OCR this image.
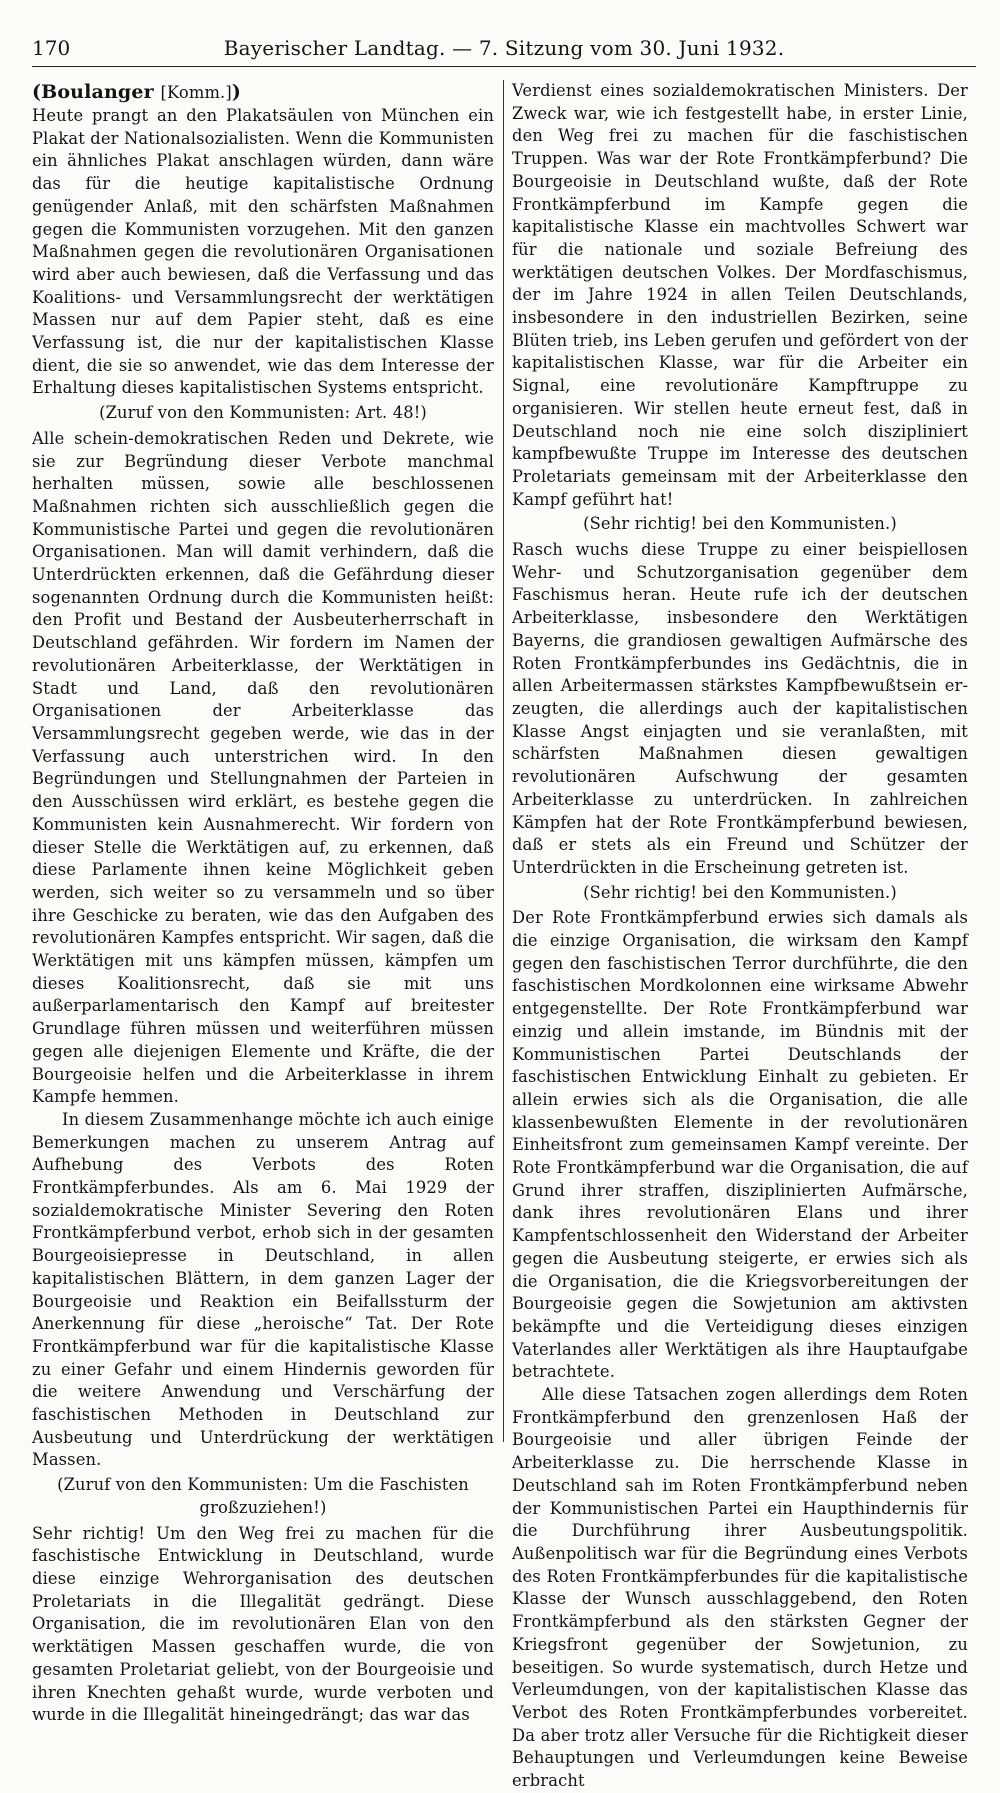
170	Bayerischer Landtag. — 7. Sitzung vom 30. Juni 1932.

(Boulanger [Komm.])

Heute prangt an den Plakatsäulen von München ein Plakat der Nationalsozialisten. Wenn die Kommunisten ein ähnliches Plakat anschlagen würden, dann wäre das für die heutige kapitalistische Ordnung genügender Anlaß, mit den schärfsten Maßnahmen gegen die Kommunisten vorzugehen. Mit den ganzen Maßnahmen gegen die revolutionären Organisationen wird aber auch bewiesen, daß die Verfassung und das Koalitions- und Versammlungsrecht der werktätigen Massen nur auf dem Papier steht, daß es eine Verfassung ist, die nur der kapitalistischen Klasse dient, die sie so anwendet, wie das dem Interesse der Erhaltung dieses kapitalistischen Systems entspricht.

(Zuruf von den Kommunisten: Art. 48!)

Alle schein-demokratischen Reden und Dekrete, wie sie zur Begründung dieser Verbote manchmal herhalten müssen, sowie alle beschlossenen Maßnahmen richten sich ausschließlich gegen die Kommunistische Partei und gegen die revolutionären Organisationen. Man will damit verhindern, daß die Unterdrückten erkennen, daß die Gefährdung dieser sogenannten Ordnung durch die Kommunisten heißt: den Profit und Bestand der Ausbeuterherrschaft in Deutschland gefährden. Wir fordern im Namen der revolutionären Arbeiterklasse, der Werktätigen in Stadt und Land, daß den revolutionären Organisationen der Arbeiterklasse das Versammlungsrecht gegeben werde, wie das in der Verfassung auch unterstrichen wird. In den Begründungen und Stellungnahmen der Parteien in den Ausschüssen wird erklärt, es bestehe gegen die Kommunisten kein Ausnahmerecht. Wir fordern von dieser Stelle die Werktätigen auf, zu erkennen, daß diese Parlamente ihnen keine Möglichkeit geben werden, sich weiter so zu versammeln und so über ihre Geschicke zu beraten, wie das den Aufgaben des revolutionären Kampfes entspricht. Wir sagen, daß die Werktätigen mit uns kämpfen müssen, kämpfen um dieses Koalitionsrecht, daß sie mit uns außerparlamentarisch den Kampf auf breitester Grundlage führen müssen und weiterführen müssen gegen alle diejenigen Elemente und Kräfte, die der Bourgeoisie helfen und die Arbeiterklasse in ihrem Kampfe hemmen.

In diesem Zusammenhange möchte ich auch einige Bemerkungen machen zu unserem Antrag auf Aufhebung des Verbots des Roten Frontkämpferbundes. Als am 6. Mai 1929 der sozialdemokratische Minister Severing den Roten Frontkämpferbund verbot, erhob sich in der gesamten Bourgeoisiepresse in Deutschland, in allen kapitalistischen Blättern, in dem ganzen Lager der Bourgeoisie und Reaktion ein Beifallssturm der Anerkennung für diese „heroische“ Tat. Der Rote Frontkämpferbund war für die kapitalistische Klasse zu einer Gefahr und einem Hindernis geworden für die weitere Anwendung und Verschärfung der faschistischen Methoden in Deutschland zur Ausbeutung und Unterdrückung der werktätigen Massen.

(Zuruf von den Kommunisten: Um die Faschisten großzuziehen!)

Sehr richtig! Um den Weg frei zu machen für die faschistische Entwicklung in Deutschland, wurde diese einzige Wehrorganisation des deutschen Proletariats in die Illegalität gedrängt. Diese Organisation, die im revolutionären Elan von den werktätigen Massen geschaffen wurde, die von gesamten Proletariat geliebt, von der Bourgeoisie und ihren Knechten gehaßt wurde, wurde verboten und wurde in die Illegalität hineingedrängt; das war das

Verdienst eines sozialdemokratischen Ministers. Der Zweck war, wie ich festgestellt habe, in erster Linie, den Weg frei zu machen für die faschistischen Truppen. Was war der Rote Frontkämpferbund? Die Bourgeoisie in Deutschland wußte, daß der Rote Frontkämpferbund im Kampfe gegen die kapitalistische Klasse ein machtvolles Schwert war für die nationale und soziale Befreiung des werktätigen deutschen Volkes. Der Mordfaschismus, der im Jahre 1924 in allen Teilen Deutschlands, insbesondere in den industriellen Bezirken, seine Blüten trieb, ins Leben gerufen und gefördert von der kapitalistischen Klasse, war für die Arbeiter ein Signal, eine revolutionäre Kampftruppe zu organisieren. Wir stellen heute erneut fest, daß in Deutschland noch nie eine solch diszipliniert kampfbewußte Truppe im Interesse des deutschen Proletariats gemeinsam mit der Arbeiterklasse den Kampf geführt hat!

(Sehr richtig! bei den Kommunisten.)

Rasch wuchs diese Truppe zu einer beispiellosen Wehr- und Schutzorganisation gegenüber dem Faschismus heran. Heute rufe ich der deutschen Arbeiterklasse, insbesondere den Werktätigen Bayerns, die grandiosen gewaltigen Aufmärsche des Roten Frontkämpferbundes ins Gedächtnis, die in allen Arbeitermassen stärkstes Kampfbewußtsein erzeugten, die allerdings auch der kapitalistischen Klasse Angst einjagten und sie veranlaßten, mit schärfsten Maßnahmen diesen gewaltigen revolutionären Aufschwung der gesamten Arbeiterklasse zu unterdrücken. In zahlreichen Kämpfen hat der Rote Frontkämpferbund bewiesen, daß er stets als ein Freund und Schützer der Unterdrückten in die Erscheinung getreten ist.

(Sehr richtig! bei den Kommunisten.)

Der Rote Frontkämpferbund erwies sich damals als die einzige Organisation, die wirksam den Kampf gegen den faschistischen Terror durchführte, die den faschistischen Mordkolonnen eine wirksame Abwehr entgegenstellte. Der Rote Frontkämpferbund war einzig und allein imstande, im Bündnis mit der Kommunistischen Partei Deutschlands der faschistischen Entwicklung Einhalt zu gebieten. Er allein erwies sich als die Organisation, die alle klassenbewußten Elemente in der revolutionären Einheitsfront zum gemeinsamen Kampf vereinte. Der Rote Frontkämpferbund war die Organisation, die auf Grund ihrer straffen, disziplinierten Aufmärsche, dank ihres revolutionären Elans und ihrer Kampfentschlossenheit den Widerstand der Arbeiter gegen die Ausbeutung steigerte, er erwies sich als die Organisation, die die Kriegsvorbereitungen der Bourgeoisie gegen die Sowjetunion am aktivsten bekämpfte und die Verteidigung dieses einzigen Vaterlandes aller Werktätigen als ihre Hauptaufgabe betrachtete.

Alle diese Tatsachen zogen allerdings dem Roten Frontkämpferbund den grenzenlosen Haß der Bourgeoisie und aller übrigen Feinde der Arbeiterklasse zu. Die herrschende Klasse in Deutschland sah im Roten Frontkämpferbund neben der Kommunistischen Partei ein Haupthindernis für die Durchführung ihrer Ausbeutungspolitik. Außenpolitisch war für die Begründung eines Verbots des Roten Frontkämpferbundes für die kapitalistische Klasse der Wunsch ausschlaggebend, den Roten Frontkämpferbund als den stärksten Gegner der Kriegsfront gegenüber der Sowjetunion, zu beseitigen. So wurde systematisch, durch Hetze und Verleumdungen, von der kapitalistischen Klasse das Verbot des Roten Frontkämpferbundes vorbereitet. Da aber trotz aller Versuche für die Richtigkeit dieser Behauptungen und Verleumdungen keine Beweise erbracht
